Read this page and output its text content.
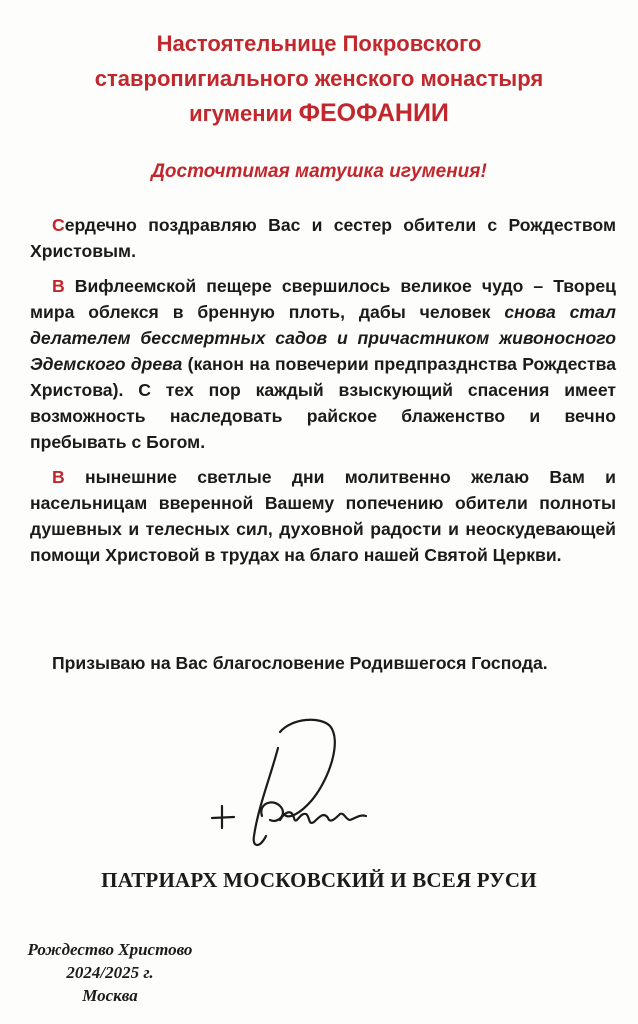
Настоятельнице Покровского
ставропигиального женского монастыря
игумении ФЕОФАНИИ
Досточтимая матушка игумения!

Сердечно поздравляю Вас и сестер обители с Рождеством Христовым.

В Вифлеемской пещере свершилось великое чудо – Творец мира облекся в бренную плоть, дабы человек снова стал делателем бессмертных садов и причастником живоносного Эдемского древа (канон на повечерии предпразднства Рождества Христова). С тех пор каждый взыскующий спасения имеет возможность наследовать райское блаженство и вечно пребывать с Богом.

В нынешние светлые дни молитвенно желаю Вам и насельницам вверенной Вашему попечению обители полноты душевных и телесных сил, духовной радости и неоскудевающей помощи Христовой в трудах на благо нашей Святой Церкви.

Призываю на Вас благословение Родившегося Господа.
ПАТРИАРХ МОСКОВСКИЙ И ВСЕЯ РУСИ
Рождество Христово
2024/2025 г.
Москва
